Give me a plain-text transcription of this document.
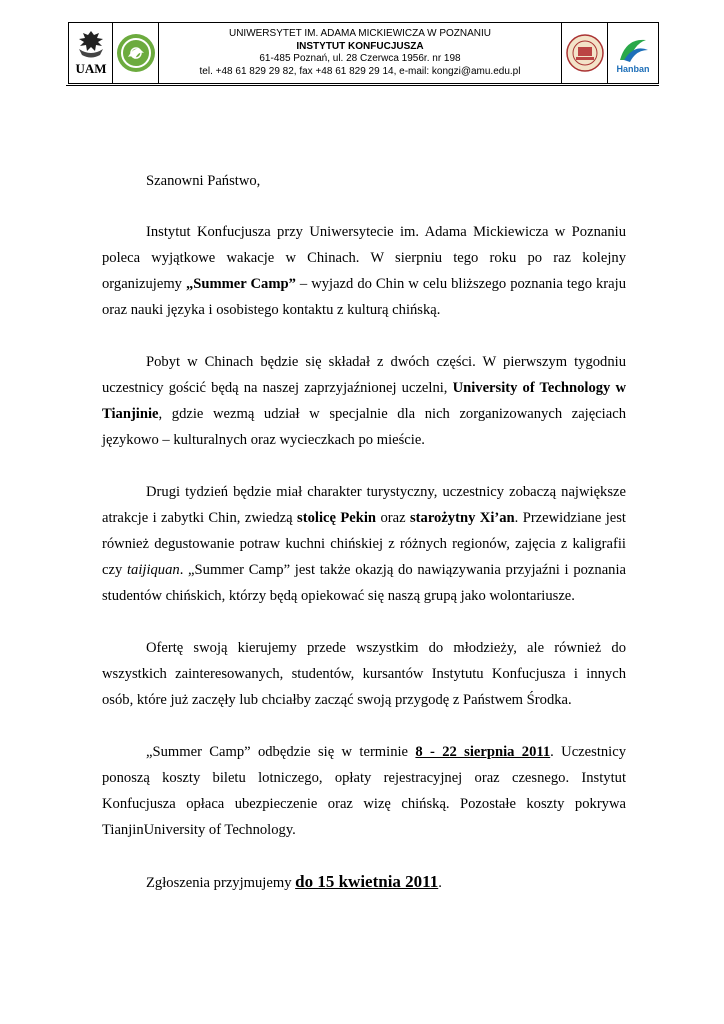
UAM
UNIWERSYTET IM. ADAMA MICKIEWICZA W POZNANIU
INSTYTUT KONFUCJUSZA
61-485 Poznań, ul. 28 Czerwca 1956r. nr 198
tel. +48 61 829 29 82, fax +48 61 829 29 14, e-mail: kongzi@amu.edu.pl	Hanban

Szanowni Państwo,

Instytut Konfucjusza przy Uniwersytecie im. Adama Mickiewicza w Poznaniu poleca wyjątkowe wakacje w Chinach. W sierpniu tego roku po raz kolejny organizujemy „Summer Camp” – wyjazd do Chin w celu bliższego poznania tego kraju oraz nauki języka i osobistego kontaktu z kulturą chińską.

Pobyt w Chinach będzie się składał z dwóch części. W pierwszym tygodniu uczestnicy gościć będą na naszej zaprzyjaźnionej uczelni, University of Technology w Tianjinie, gdzie wezmą udział w specjalnie dla nich zorganizowanych zajęciach językowo – kulturalnych oraz wycieczkach po mieście.

Drugi tydzień będzie miał charakter turystyczny, uczestnicy zobaczą największe atrakcje i zabytki Chin, zwiedzą stolicę Pekin oraz starożytny Xi’an. Przewidziane jest również degustowanie potraw kuchni chińskiej z różnych regionów, zajęcia z kaligrafii czy taijiquan. „Summer Camp” jest także okazją do nawiązywania przyjaźni i poznania studentów chińskich, którzy będą opiekować się naszą grupą jako wolontariusze.

Ofertę swoją kierujemy przede wszystkim do młodzieży, ale również do wszystkich zainteresowanych, studentów, kursantów Instytutu Konfucjusza i innych osób, które już zaczęły lub chciałby zacząć swoją przygodę z Państwem Środka.

„Summer Camp” odbędzie się w terminie 8 - 22 sierpnia 2011. Uczestnicy ponoszą koszty biletu lotniczego, opłaty rejestracyjnej oraz czesnego. Instytut Konfucjusza opłaca ubezpieczenie oraz wizę chińską. Pozostałe koszty pokrywa TianjinUniversity of Technology.

Zgłoszenia przyjmujemy do 15 kwietnia 2011.
